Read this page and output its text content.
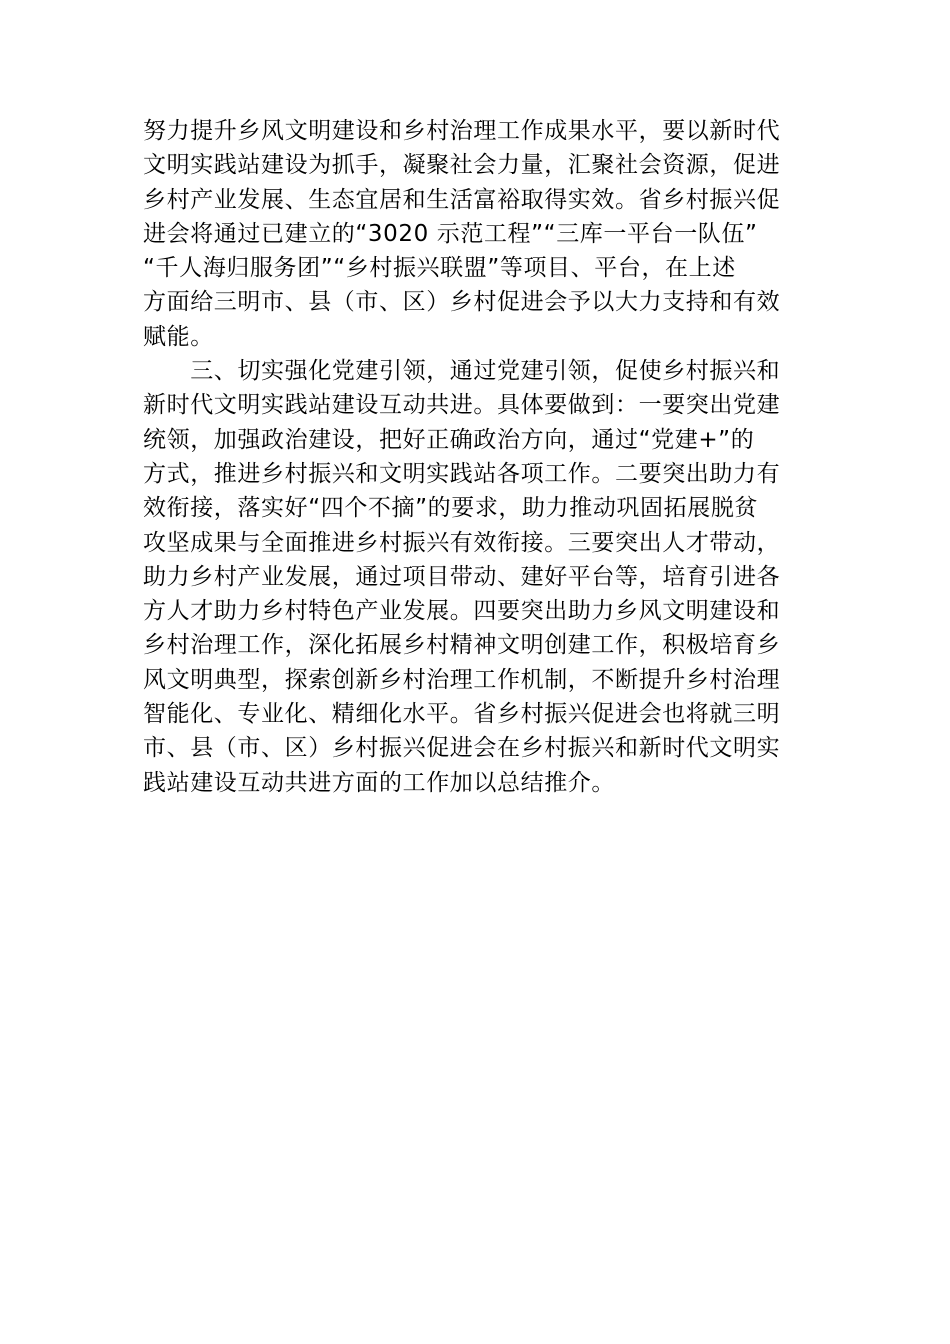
努力提升乡风文明建设和乡村治理工作成果水平，要以新时代
文明实践站建设为抓手，凝聚社会力量，汇聚社会资源，促进
乡村产业发展、生态宜居和生活富裕取得实效。省乡村振兴促
进会将通过已建立的“3020 示范工程”“三库一平台一队伍”
“千人海归服务团”“乡村振兴联盟”等项目、平台，在上述
方面给三明市、县（市、区）乡村促进会予以大力支持和有效
赋能。
　　三、切实强化党建引领，通过党建引领，促使乡村振兴和
新时代文明实践站建设互动共进。具体要做到：一要突出党建
统领，加强政治建设，把好正确政治方向，通过“党建+”的
方式，推进乡村振兴和文明实践站各项工作。二要突出助力有
效衔接，落实好“四个不摘”的要求，助力推动巩固拓展脱贫
攻坚成果与全面推进乡村振兴有效衔接。三要突出人才带动，
助力乡村产业发展，通过项目带动、建好平台等，培育引进各
方人才助力乡村特色产业发展。四要突出助力乡风文明建设和
乡村治理工作，深化拓展乡村精神文明创建工作，积极培育乡
风文明典型，探索创新乡村治理工作机制，不断提升乡村治理
智能化、专业化、精细化水平。省乡村振兴促进会也将就三明
市、县（市、区）乡村振兴促进会在乡村振兴和新时代文明实
践站建设互动共进方面的工作加以总结推介。
